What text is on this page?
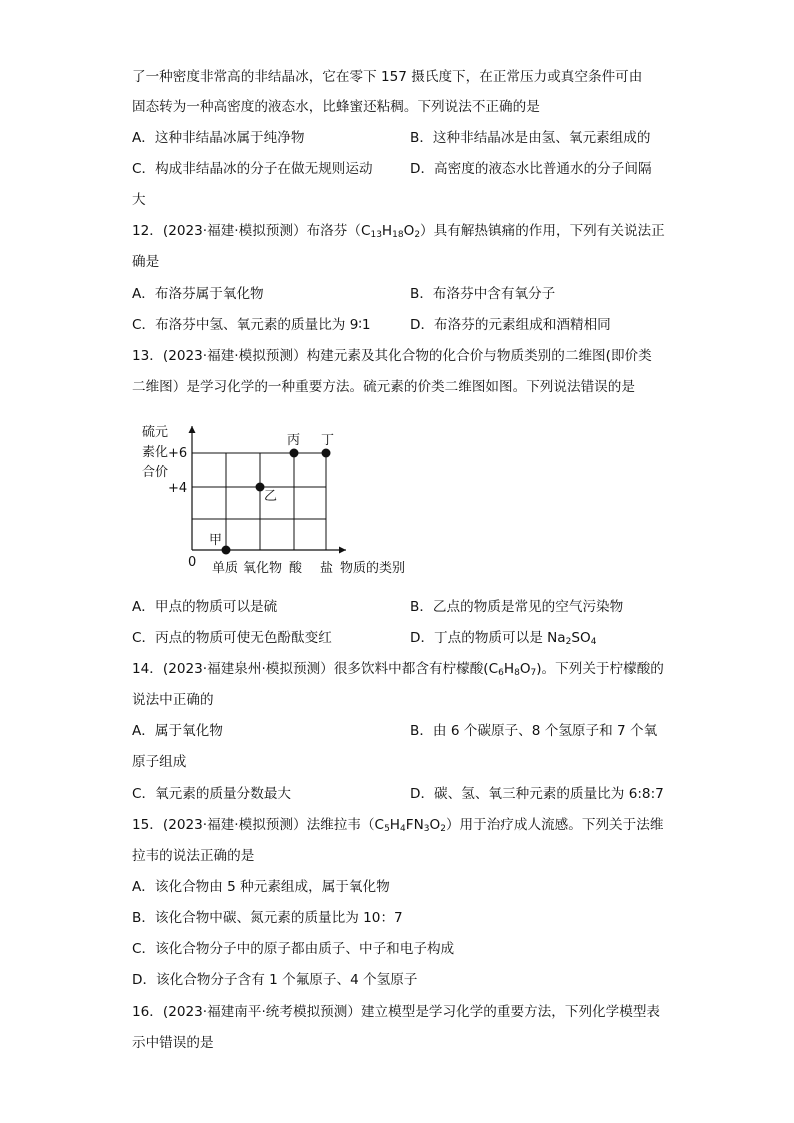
了一种密度非常高的非结晶冰，它在零下 157 摄氏度下，在正常压力或真空条件可由
固态转为一种高密度的液态水，比蜂蜜还粘稠。下列说法不正确的是
A．这种非结晶冰属于纯净物	B．这种非结晶冰是由氢、氧元素组成的
C．构成非结晶冰的分子在做无规则运动	D．高密度的液态水比普通水的分子间隔
大
12．(2023·福建·模拟预测）布洛芬$(C_{13}H_{18}O_2)$具有解热镇痛的作用，下列有关说法正
确是
A．布洛芬属于氧化物	B．布洛芬中含有氧分子
C．布洛芬中氢、氧元素的质量比为 9∶1	D．布洛芬的元素组成和酒精相同
13．(2023·福建·模拟预测）构建元素及其化合物的化合价与物质类别的二维图(即价类
二维图）是学习化学的一种重要方法。硫元素的价类二维图如图。下列说法错误的是
硫元
素化
合价
+6
+4
0 单质 氧化物 酸 盐 物质的类别
甲
乙
丙 丁
A．甲点的物质可以是硫	B．乙点的物质是常见的空气污染物
C．丙点的物质可使无色酚酞变红	D．丁点的物质可以是 $Na_2SO_4$
14．(2023·福建泉州·模拟预测）很多饮料中都含有柠檬酸$(C_6H_8O_7)$。下列关于柠檬酸的
说法中正确的
A．属于氧化物	B．由 6 个碳原子、8 个氢原子和 7 个氧
原子组成
C．氧元素的质量分数最大	D．碳、氢、氧三种元素的质量比为 6:8:7
15．(2023·福建·模拟预测）法维拉韦$(C_5H_4FN_3O_2)$用于治疗成人流感。下列关于法维
拉韦的说法正确的是
A．该化合物由 5 种元素组成，属于氧化物
B．该化合物中碳、氮元素的质量比为 10：7
C．该化合物分子中的原子都由质子、中子和电子构成
D．该化合物分子含有 1 个氟原子、4 个氢原子
16．(2023·福建南平·统考模拟预测）建立模型是学习化学的重要方法，下列化学模型表
示中错误的是
